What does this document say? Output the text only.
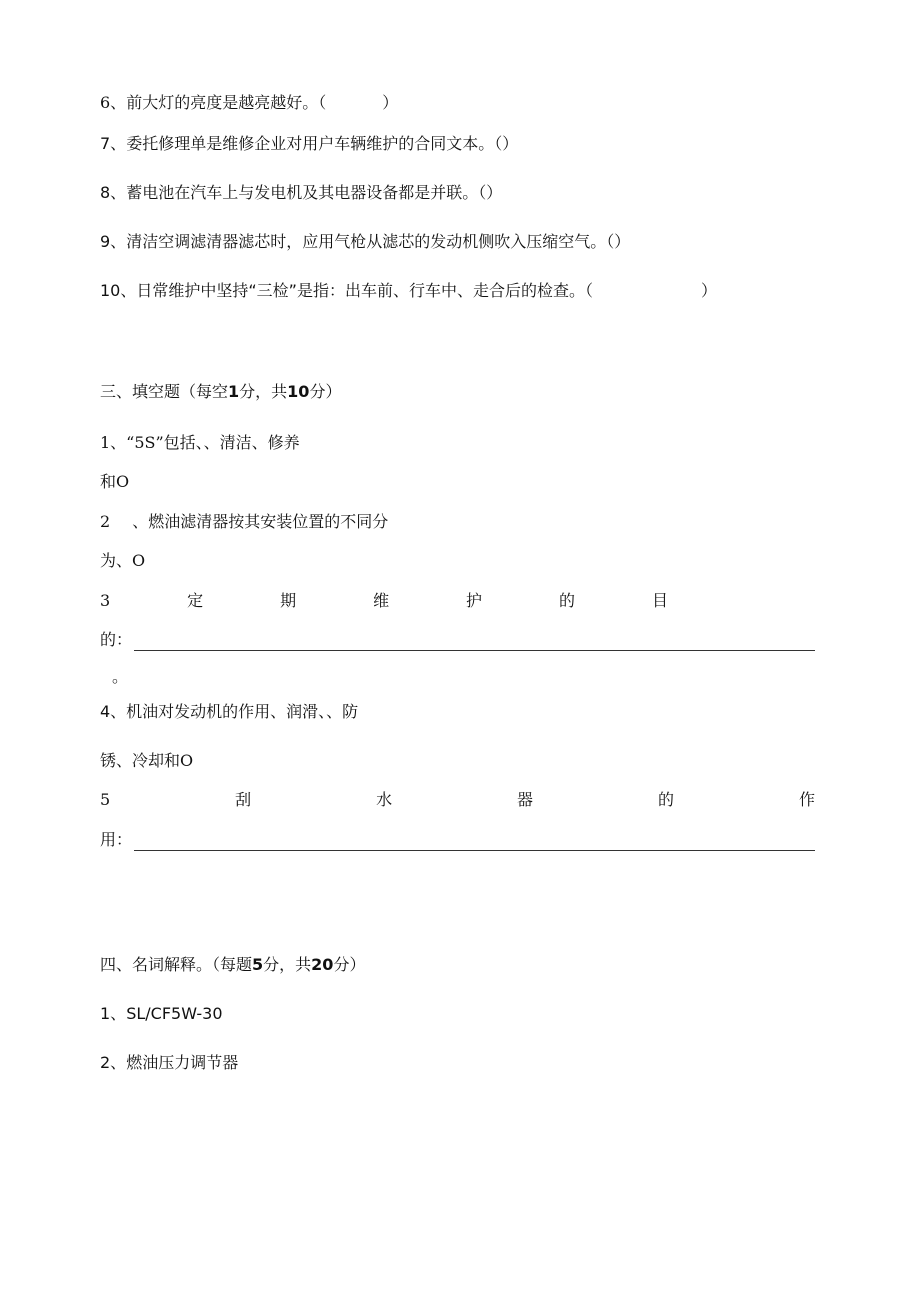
6、前大灯的亮度是越亮越好。（	）
7、委托修理单是维修企业对用户车辆维护的合同文本。（）
8、蓄电池在汽车上与发电机及其电器设备都是并联。（）
9、清洁空调滤清器滤芯时，应用气枪从滤芯的发动机侧吹入压缩空气。（）
10、日常维护中坚持“三检”是指：出车前、行车中、走合后的检查。（	）
三、填空题（每空1分，共10分）
1、“5S”包括、、清洁、修养
和O
2 、燃油滤清器按其安装位置的不同分
为、O
3	定	期	维	护	的	目
的：
。
4、机油对发动机的作用、润滑、、防
锈、冷却和O
5	刮	水	器	的	作
用：
四、名词解释。（每题5分，共20分）
1、SL/CF5W-30
2、燃油压力调节器
